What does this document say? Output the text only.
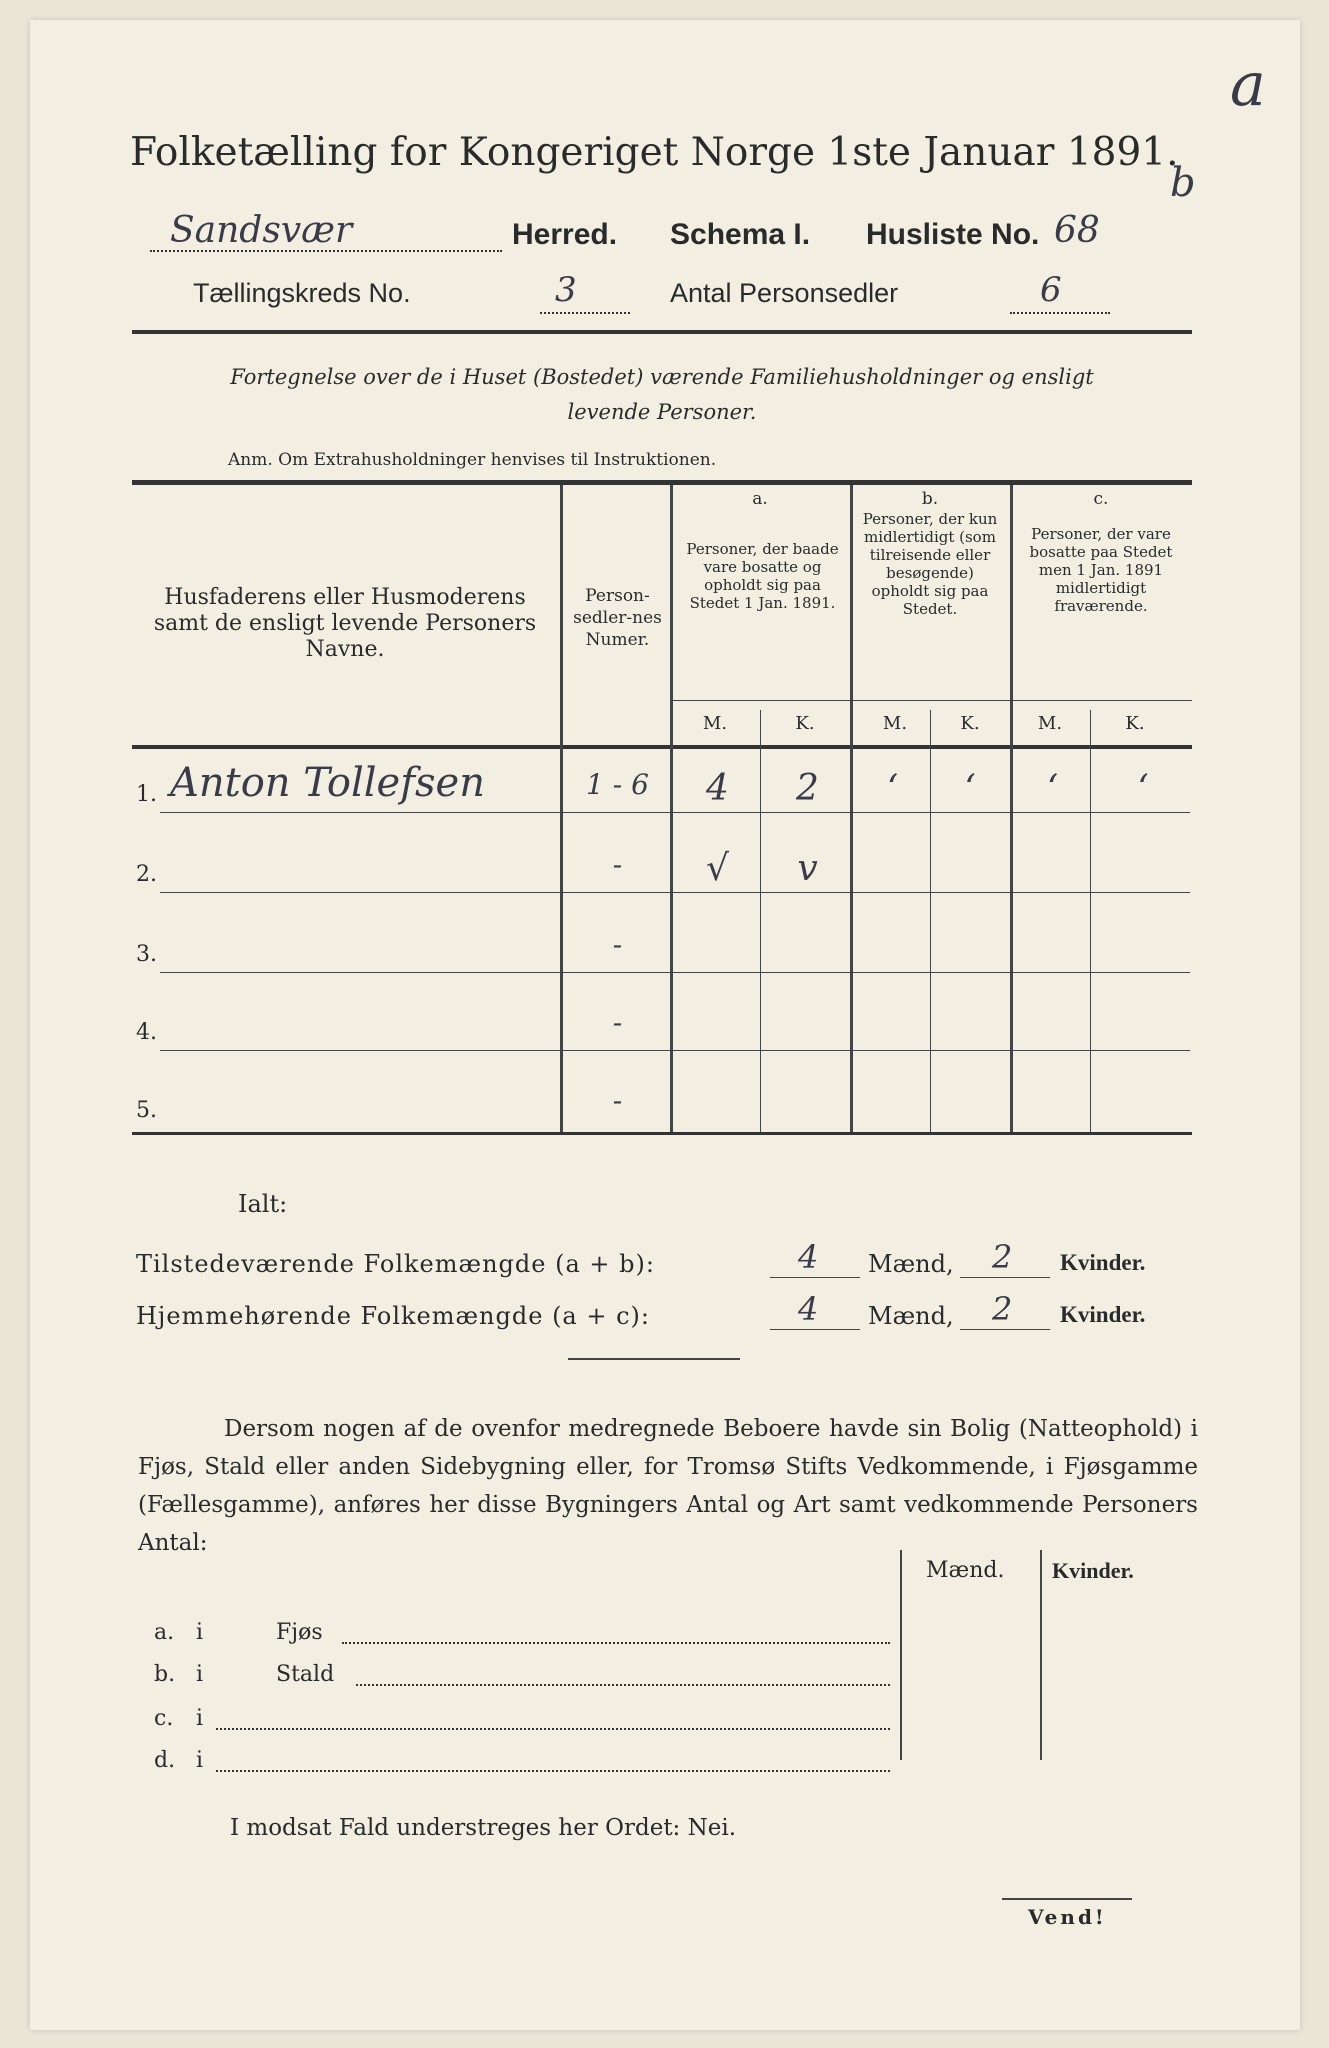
a
Folketælling for Kongeriget Norge 1ste Januar 1891.
Sandsvær	Herred. Schema I. Husliste No. 68
b
Tællingskreds No.	3	Antal Personsedler	6
Fortegnelse over de i Huset (Bostedet) værende Familiehusholdninger og ensligt
levende Personer.
Anm. Om Extrahusholdninger henvises til Instruktionen.
Husfaderens eller Husmoderens samt de ensligt levende Personers Navne.
Person-sedler-nes Numer.
a.
Personer, der baade vare bosatte og opholdt sig paa Stedet 1 Jan. 1891.
b.
Personer, der kun midlertidigt (som tilreisende eller besøgende) opholdt sig paa Stedet.
c.
Personer, der vare bosatte paa Stedet men 1 Jan. 1891 midlertidigt fraværende.
M.	K.	M.	K.	M.	K.
1. Anton Tollefsen	1 - 6	4	2	ʻ	ʻ	ʻ	ʻ
2.	-	√	v
3.	-
4.	-
5.	-
Ialt:
Tilstedeværende Folkemængde (a + b):	4 Mænd, 2 Kvinder.
Hjemmehørende Folkemængde (a + c):	4 Mænd, 2 Kvinder.
Dersom nogen af de ovenfor medregnede Beboere havde sin Bolig (Natteophold) i Fjøs, Stald eller anden Sidebygning eller, for Tromsø Stifts Vedkommende, i Fjøsgamme (Fællesgamme), anføres her disse Bygningers Antal og Art samt vedkommende Personers Antal:
Mænd. Kvinder.
a. i	Fjøs
b. i	Stald
c. i
d. i
I modsat Fald understreges her Ordet: Nei.
Vend!
